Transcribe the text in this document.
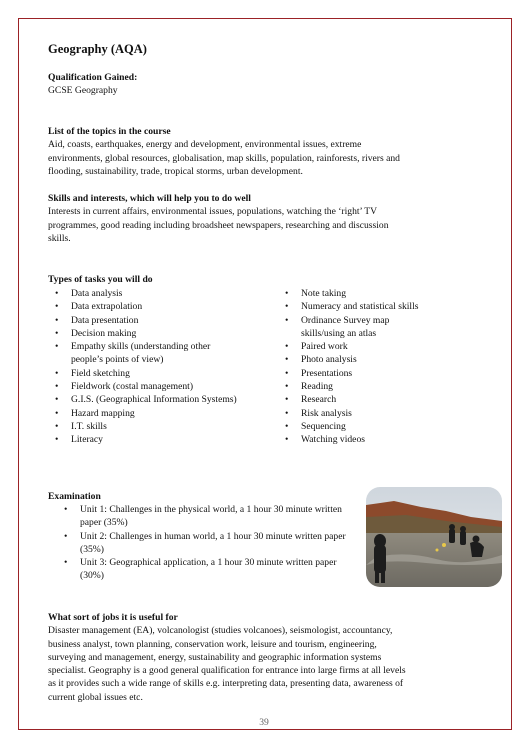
Geography (AQA)

Qualification Gained:

GCSE Geography

List of the topics in the course

Aid, coasts, earthquakes, energy and development, environmental issues, extreme

environments, global resources, globalisation, map skills, population, rainforests, rivers and

flooding, sustainability, trade, tropical storms, urban development.

Skills and interests, which will help you to do well

Interests in current affairs, environmental issues, populations, watching the ‘right’ TV

programmes, good reading including broadsheet newspapers, researching and discussion

skills.

Types of tasks you will do

• Data analysis
• Data extrapolation
• Data presentation
• Decision making
• Empathy skills (understanding other people’s points of view)
• Field sketching
• Fieldwork (costal management)
• G.I.S. (Geographical Information Systems)
• Hazard mapping
• I.T. skills
• Literacy
• Note taking
• Numeracy and statistical skills
• Ordinance Survey map skills/using an atlas
• Paired work
• Photo analysis
• Presentations
• Reading
• Research
• Risk analysis
• Sequencing
• Watching videos

Examination

• Unit 1: Challenges in the physical world, a 1 hour 30 minute written paper (35%)
• Unit 2: Challenges in human world, a 1 hour 30 minute written paper (35%)
• Unit 3: Geographical application, a 1 hour 30 minute written paper (30%)

What sort of jobs it is useful for

Disaster management (EA), volcanologist (studies volcanoes), seismologist, accountancy,

business analyst, town planning, conservation work, leisure and tourism, engineering,

surveying and management, energy, sustainability and geographic information systems

specialist. Geography is a good general qualification for entrance into large firms at all levels

as it provides such a wide range of skills e.g. interpreting data, presenting data, awareness of

current global issues etc.

39
